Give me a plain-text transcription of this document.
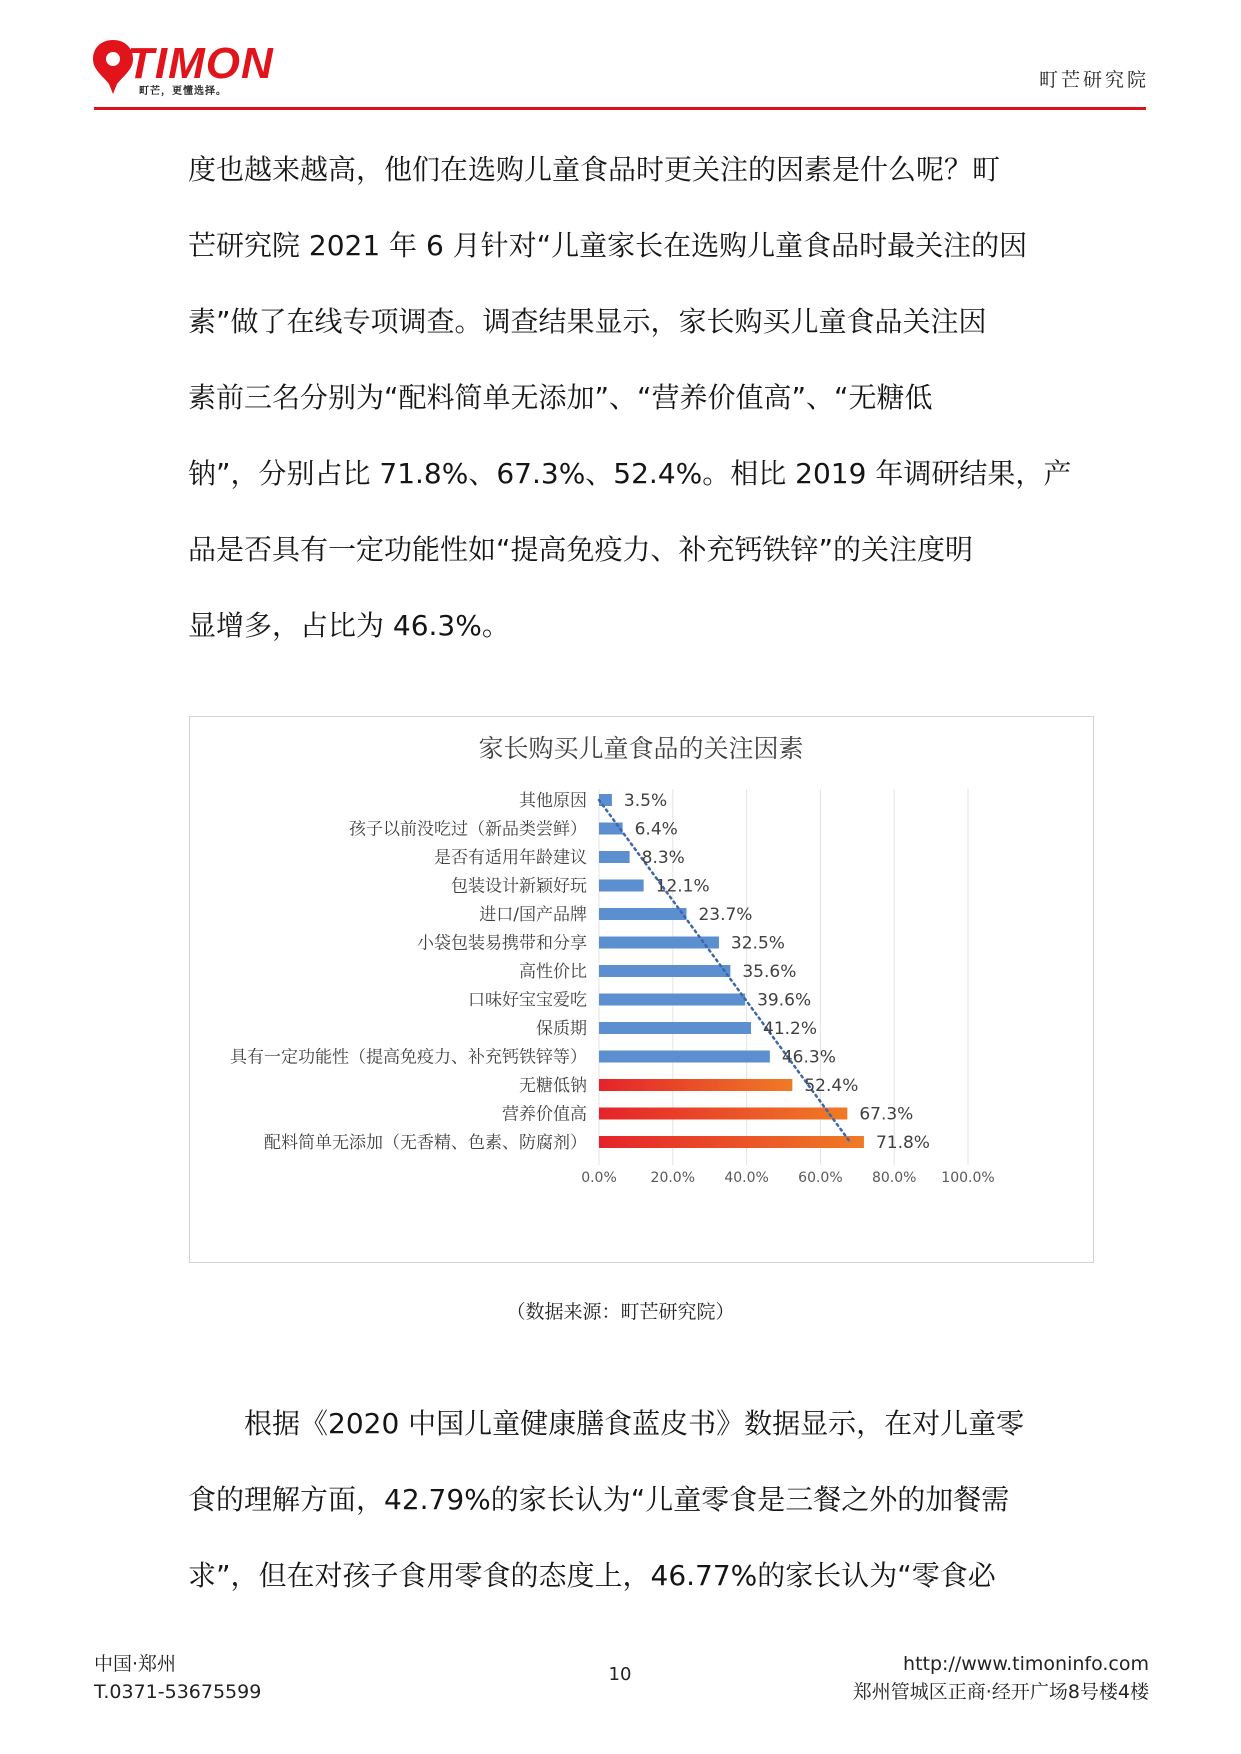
TIMON
町芒，更懂选择。
町芒研究院
度也越来越高，他们在选购儿童食品时更关注的因素是什么呢？町
芒研究院 2021 年 6 月针对“儿童家长在选购儿童食品时最关注的因
素”做了在线专项调查。调查结果显示，家长购买儿童食品关注因
素前三名分别为“配料简单无添加”、“营养价值高”、“无糖低
钠”，分别占比 71.8%、67.3%、52.4%。相比 2019 年调研结果，产
品是否具有一定功能性如“提高免疫力、补充钙铁锌”的关注度明
显增多，占比为 46.3%。
家长购买儿童食品的关注因素
其他原因 3.5%
孩子以前没吃过（新品类尝鲜）	6.4%
是否有适用年龄建议	8.3%
包装设计新颖好玩	12.1%
进口/国产品牌	23.7%
小袋包装易携带和分享	32.5%
高性价比	35.6%
口味好宝宝爱吃	39.6%
保质期	41.2%
具有一定功能性（提高免疫力、补充钙铁锌等）	46.3%
无糖低钠	52.4%
营养价值高	67.3%
配料简单无添加（无香精、色素、防腐剂）	71.8%
0.0% 20.0% 40.0% 60.0% 80.0% 100.0%
（数据来源：町芒研究院）
根据《2020 中国儿童健康膳食蓝皮书》数据显示，在对儿童零
食的理解方面，42.79%的家长认为“儿童零食是三餐之外的加餐需
求”，但在对孩子食用零食的态度上，46.77%的家长认为“零食必
中国·郑州
T.0371-53675599
10	http://www.timoninfo.com
郑州管城区正商·经开广场8号楼4楼
